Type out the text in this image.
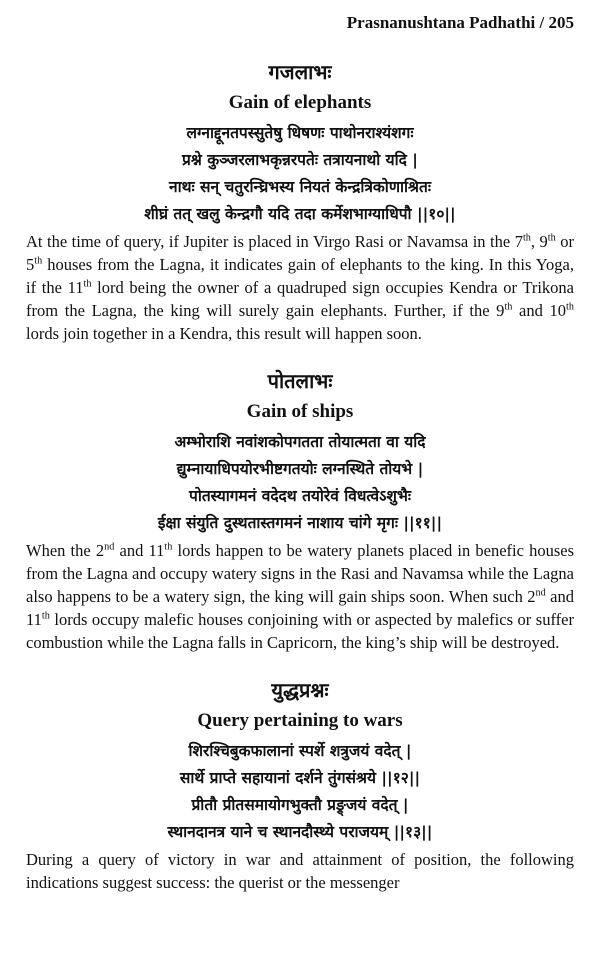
Prasnanushtana Padhathi / 205
गजलाभः
Gain of elephants
लग्नाद्दूनतपस्सुतेषु धिषणः पाथोनराश्यंशगः
प्रश्ने कुञ्जरलाभकृन्नरपतेः तत्रायनाथो यदि |
नाथः सन् चतुरन्घ्रिभस्य नियतं केन्द्रत्रिकोणाश्रितः
शीघ्रं तत् खलु केन्द्रगौ यदि तदा कर्मेशभाग्याधिपौ ||१०||

At the time of query, if Jupiter is placed in Virgo Rasi or Navamsa in the 7th, 9th or 5th houses from the Lagna, it indicates gain of elephants to the king. In this Yoga, if the 11th lord being the owner of a quadruped sign occupies Kendra or Trikona from the Lagna, the king will surely gain elephants. Further, if the 9th and 10th lords join together in a Kendra, this result will happen soon.

पोतलाभः
Gain of ships
अम्भोराशि नवांशकोपगतता तोयात्मता वा यदि
द्युम्नायाधिपयोरभीष्टगतयोः लग्नस्थिते तोयभे |
पोतस्यागमनं वदेदथ तयोरेवं विधत्वेऽशुभैः
ईक्षा संयुति दुस्थतास्तगमनं नाशाय चांगे मृगः ||११||

When the 2nd and 11th lords happen to be watery planets placed in benefic houses from the Lagna and occupy watery signs in the Rasi and Navamsa while the Lagna also happens to be a watery sign, the king will gain ships soon. When such 2nd and 11th lords occupy malefic houses conjoining with or aspected by malefics or suffer combustion while the Lagna falls in Capricorn, the king’s ship will be destroyed.

युद्धप्रश्नः
Query pertaining to wars
शिरश्चिबुकफालानां स्पर्शे शत्रुजयं वदेत् |
सार्थे प्राप्ते सहायानां दर्शने तुंगसंश्रये ||१२||
प्रीतौ प्रीतसमायोगभुक्तौ प्रङ्र्जयं वदेत् |
स्थानदानत्र याने च स्थानदौस्थ्ये पराजयम् ||१३||

During a query of victory in war and attainment of position, the following indications suggest success: the querist or the messenger
